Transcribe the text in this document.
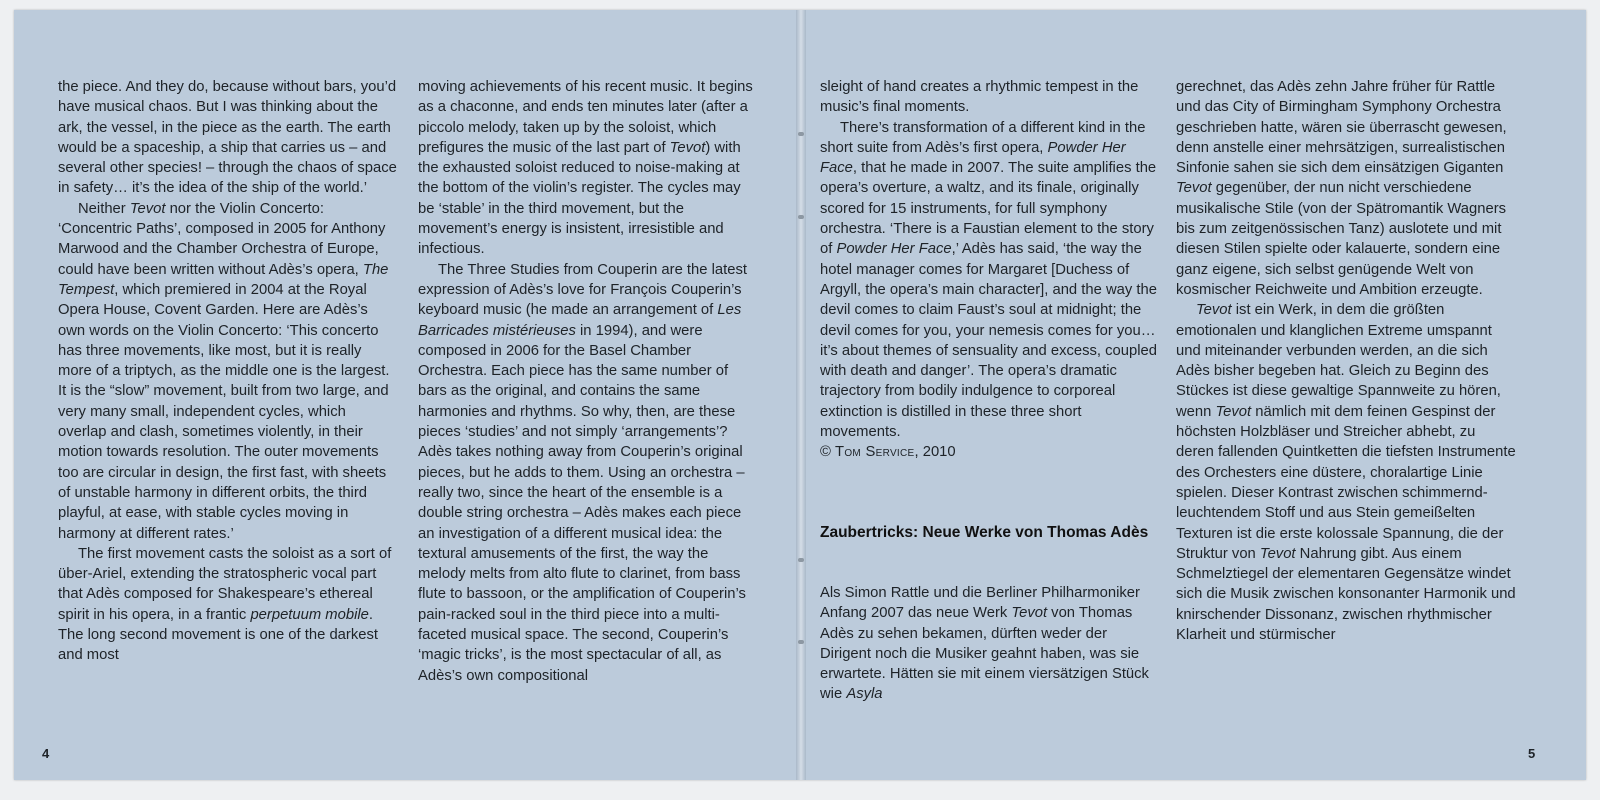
the piece. And they do, because without bars, you’d have musical chaos. But I was thinking about the ark, the vessel, in the piece as the earth. The earth would be a spaceship, a ship that carries us – and several other species! – through the chaos of space in safety… it’s the idea of the ship of the world.’

Neither Tevot nor the Violin Concerto: ‘Concentric Paths’, composed in 2005 for Anthony Marwood and the Chamber Orchestra of Europe, could have been written without Adès’s opera, The Tempest, which premiered in 2004 at the Royal Opera House, Covent Garden. Here are Adès’s own words on the Violin Concerto: ‘This concerto has three movements, like most, but it is really more of a triptych, as the middle one is the largest. It is the “slow” movement, built from two large, and very many small, independent cycles, which overlap and clash, sometimes violently, in their motion towards resolution. The outer movements too are circular in design, the first fast, with sheets of unstable harmony in different orbits, the third playful, at ease, with stable cycles moving in harmony at different rates.’

The first movement casts the soloist as a sort of über-Ariel, extending the stratospheric vocal part that Adès composed for Shakespeare’s ethereal spirit in his opera, in a frantic perpetuum mobile. The long second movement is one of the darkest and most

moving achievements of his recent music. It begins as a chaconne, and ends ten minutes later (after a piccolo melody, taken up by the soloist, which prefigures the music of the last part of Tevot) with the exhausted soloist reduced to noise-making at the bottom of the violin’s register. The cycles may be ‘stable’ in the third movement, but the movement’s energy is insistent, irresistible and infectious.

The Three Studies from Couperin are the latest expression of Adès’s love for François Couperin’s keyboard music (he made an arrangement of Les Barricades mistérieuses in 1994), and were composed in 2006 for the Basel Chamber Orchestra. Each piece has the same number of bars as the original, and contains the same harmonies and rhythms. So why, then, are these pieces ‘studies’ and not simply ‘arrangements’? Adès takes nothing away from Couperin’s original pieces, but he adds to them. Using an orchestra – really two, since the heart of the ensemble is a double string orchestra – Adès makes each piece an investigation of a different musical idea: the textural amusements of the first, the way the melody melts from alto flute to clarinet, from bass flute to bassoon, or the amplification of Couperin’s pain-racked soul in the third piece into a multi-faceted musical space. The second, Couperin’s ‘magic tricks’, is the most spectacular of all, as Adès’s own compositional

4

sleight of hand creates a rhythmic tempest in the music’s final moments.

There’s transformation of a different kind in the short suite from Adès’s first opera, Powder Her Face, that he made in 2007. The suite amplifies the opera’s overture, a waltz, and its finale, originally scored for 15 instruments, for full symphony orchestra. ‘There is a Faustian element to the story of Powder Her Face,’ Adès has said, ‘the way the hotel manager comes for Margaret [Duchess of Argyll, the opera’s main character], and the way the devil comes to claim Faust’s soul at midnight; the devil comes for you, your nemesis comes for you… it’s about themes of sensuality and excess, coupled with death and danger’. The opera’s dramatic trajectory from bodily indulgence to corporeal extinction is distilled in these three short movements.

© Tom Service, 2010

Zaubertricks: Neue Werke von Thomas Adès

Als Simon Rattle und die Berliner Philharmoniker Anfang 2007 das neue Werk Tevot von Thomas Adès zu sehen bekamen, dürften weder der Dirigent noch die Musiker geahnt haben, was sie erwartete. Hätten sie mit einem viersätzigen Stück wie Asyla

gerechnet, das Adès zehn Jahre früher für Rattle und das City of Birmingham Symphony Orchestra geschrieben hatte, wären sie überrascht gewesen, denn anstelle einer mehrsätzigen, surrealistischen Sinfonie sahen sie sich dem einsätzigen Giganten Tevot gegenüber, der nun nicht verschiedene musikalische Stile (von der Spätromantik Wagners bis zum zeitgenössischen Tanz) auslotete und mit diesen Stilen spielte oder kalauerte, sondern eine ganz eigene, sich selbst genügende Welt von kosmischer Reichweite und Ambition erzeugte.

Tevot ist ein Werk, in dem die größten emotionalen und klanglichen Extreme umspannt und miteinander verbunden werden, an die sich Adès bisher begeben hat. Gleich zu Beginn des Stückes ist diese gewaltige Spannweite zu hören, wenn Tevot nämlich mit dem feinen Gespinst der höchsten Holzbläser und Streicher abhebt, zu deren fallenden Quintketten die tiefsten Instrumente des Orchesters eine düstere, choralartige Linie spielen. Dieser Kontrast zwischen schimmernd-leuchtendem Stoff und aus Stein gemeißelten Texturen ist die erste kolossale Spannung, die der Struktur von Tevot Nahrung gibt. Aus einem Schmelztiegel der elementaren Gegensätze windet sich die Musik zwischen konsonanter Harmonik und knirschender Dissonanz, zwischen rhythmischer Klarheit und stürmischer

5
